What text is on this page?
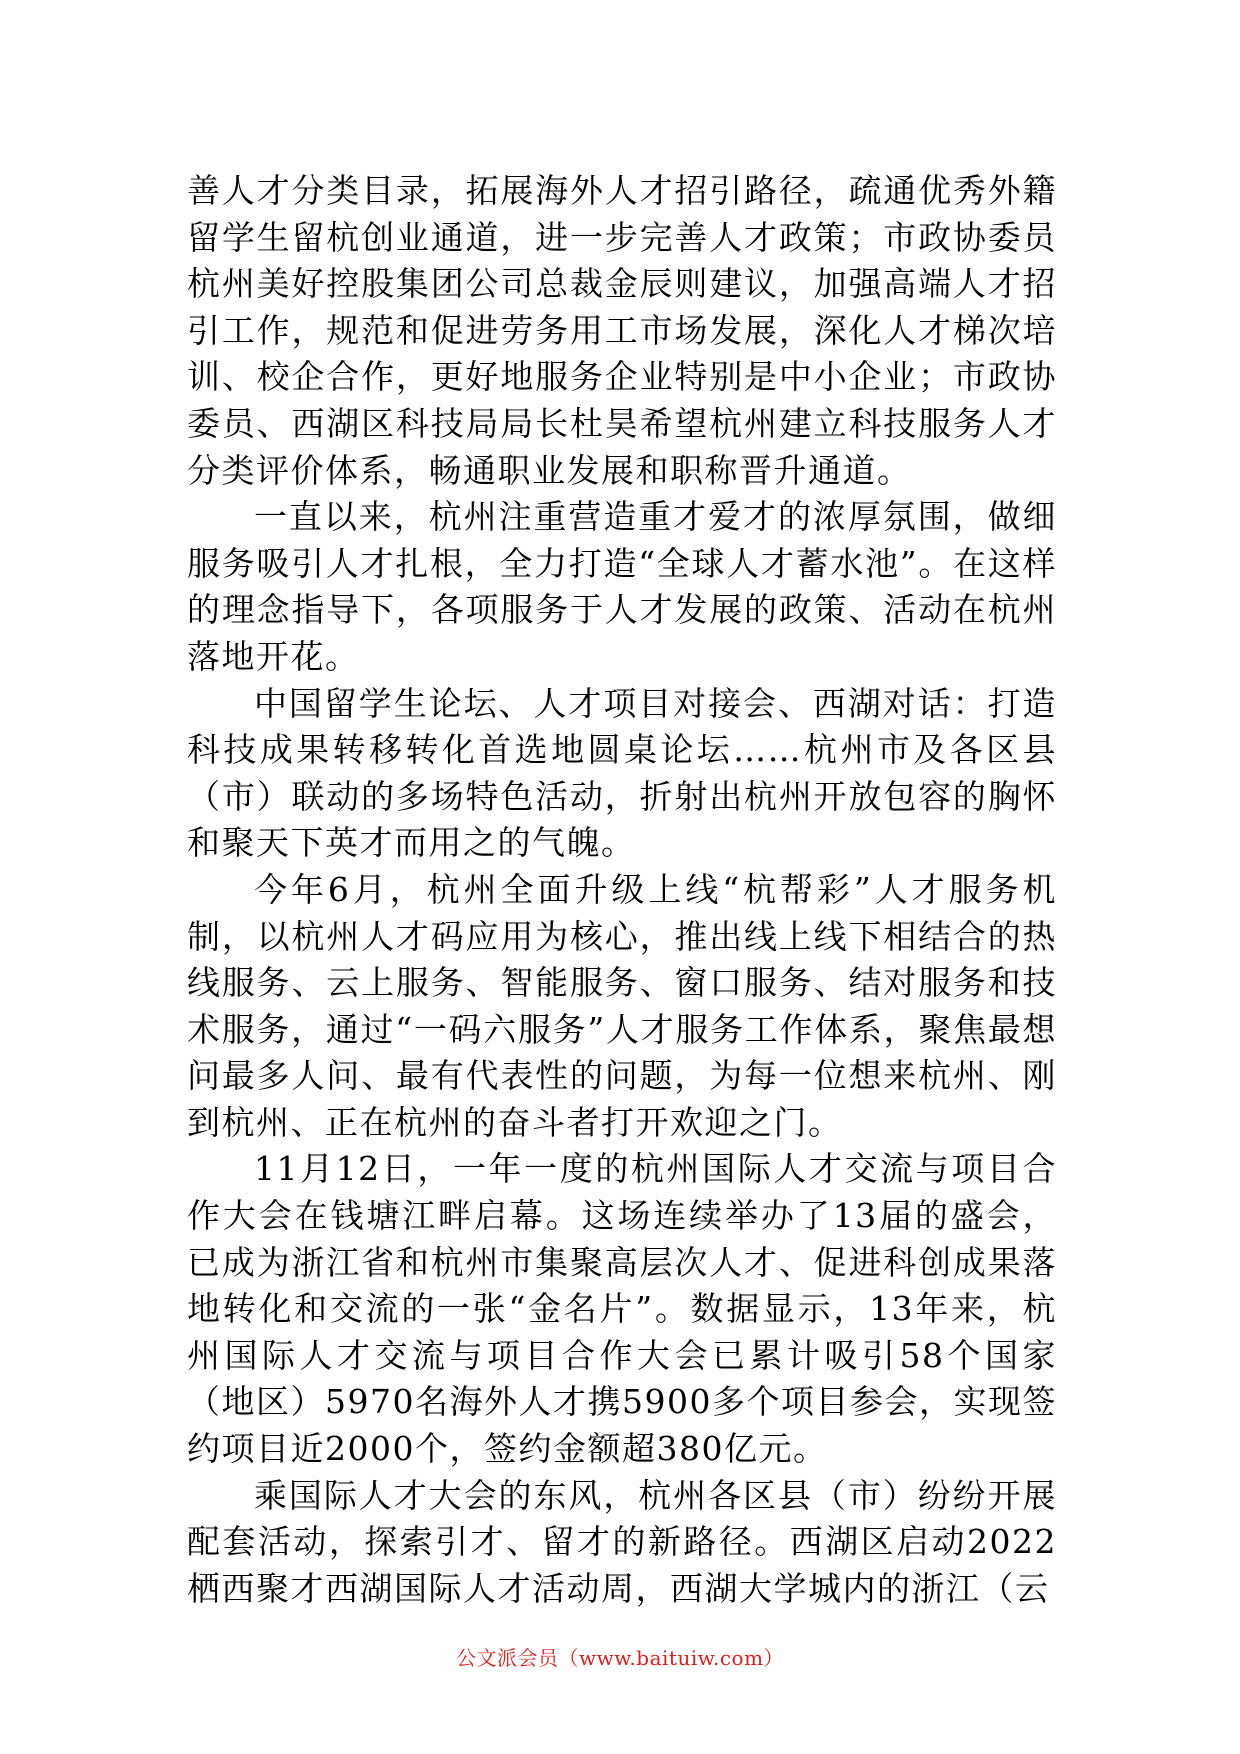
善人才分类目录，拓展海外人才招引路径，疏通优秀外籍留学生留杭创业通道，进一步完善人才政策；市政协委员杭州美好控股集团公司总裁金辰则建议，加强高端人才招引工作，规范和促进劳务用工市场发展，深化人才梯次培训、校企合作，更好地服务企业特别是中小企业；市政协委员、西湖区科技局局长杜昊希望杭州建立科技服务人才分类评价体系，畅通职业发展和职称晋升通道。

一直以来，杭州注重营造重才爱才的浓厚氛围，做细服务吸引人才扎根，全力打造“全球人才蓄水池”。在这样的理念指导下，各项服务于人才发展的政策、活动在杭州落地开花。

中国留学生论坛、人才项目对接会、西湖对话：打造科技成果转移转化首选地圆桌论坛……杭州市及各区县（市）联动的多场特色活动，折射出杭州开放包容的胸怀和聚天下英才而用之的气魄。

今年6月，杭州全面升级上线“杭帮彩”人才服务机制，以杭州人才码应用为核心，推出线上线下相结合的热线服务、云上服务、智能服务、窗口服务、结对服务和技术服务，通过“一码六服务”人才服务工作体系，聚焦最想问最多人问、最有代表性的问题，为每一位想来杭州、刚到杭州、正在杭州的奋斗者打开欢迎之门。

11月12日，一年一度的杭州国际人才交流与项目合作大会在钱塘江畔启幕。这场连续举办了13届的盛会，已成为浙江省和杭州市集聚高层次人才、促进科创成果落地转化和交流的一张“金名片”。数据显示，13年来，杭州国际人才交流与项目合作大会已累计吸引58个国家（地区）5970名海外人才携5900多个项目参会，实现签约项目近2000个，签约金额超380亿元。

乘国际人才大会的东风，杭州各区县（市）纷纷开展配套活动，探索引才、留才的新路径。西湖区启动2022栖西聚才西湖国际人才活动周，西湖大学城内的浙江（云

公文派会员（www.baitui​w.com）
